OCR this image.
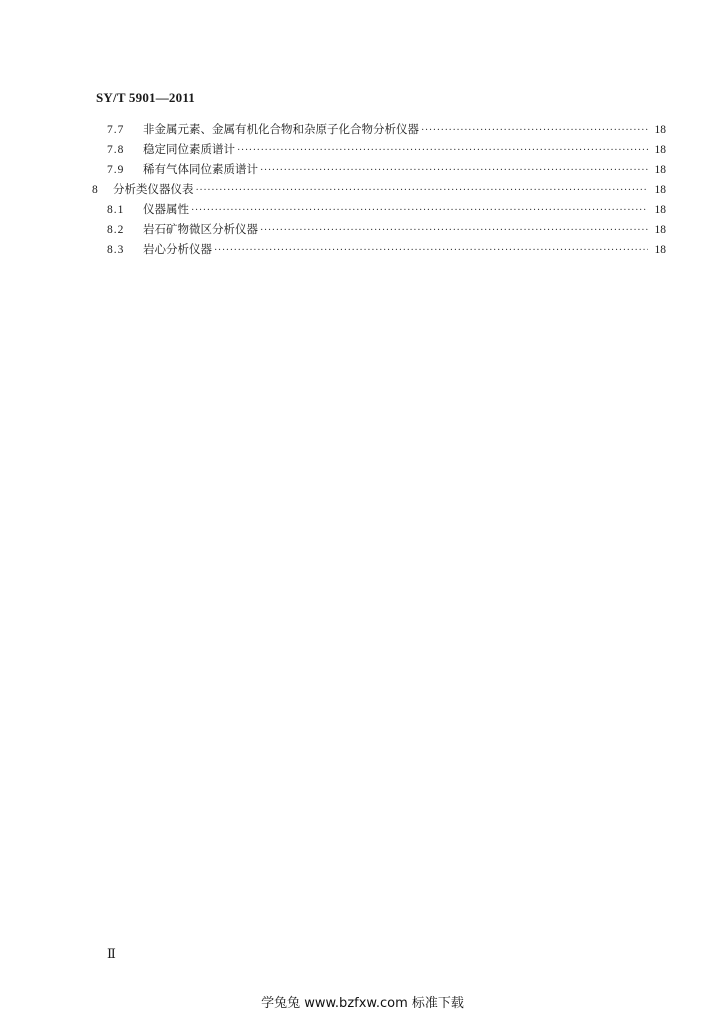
SY/T 5901—2011
7.7	非金属元素、金属有机化合物和杂原子化合物分析仪器 ·····	18
7.8	稳定同位素质谱计 ·····	18
7.9	稀有气体同位素质谱计 ·····	18
8	分析类仪器仪表 ·····	18
8.1	仪器属性 ·····	18
8.2	岩石矿物微区分析仪器 ·····	18
8.3	岩心分析仪器 ·····	18
Ⅱ
学兔兔 www.bzfxw.com 标准下载
